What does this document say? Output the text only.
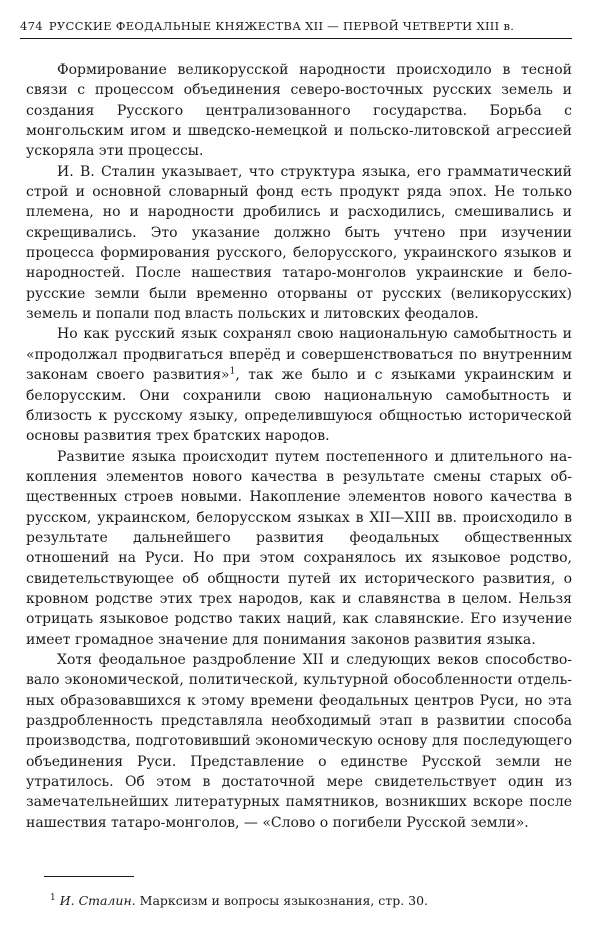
474 РУССКИЕ ФЕОДАЛЬНЫЕ КНЯЖЕСТВА XII — ПЕРВОЙ ЧЕТВЕРТИ XIII в.

Формирование великорусской народности происходило в тесной связи с процессом объединения северо-восточных русских земель и создания Русского централизованного государства. Борьба с монгольским игом и шведско-немецкой и польско-литовской агрессией ускоряла эти процессы.

И. В. Сталин указывает, что структура языка, его грамматический строй и основной словарный фонд есть продукт ряда эпох. Не только племена, но и народности дробились и расходились, смешивались и скрещивались. Это указание должно быть учтено при изучении процесса формирования русского, белорусского, украинского языков и народностей. После нашествия татаро-монголов украинские и белорусские земли были временно оторваны от русских (великорусских) земель и попали под власть польских и литовских феодалов.

Но как русский язык сохранял свою национальную самобытность и «продолжал продвигаться вперёд и совершенствоваться по внутренним законам своего развития»$^1$, так же было и с языками украинским и белорусским. Они сохранили свою национальную самобытность и близость к русскому языку, определившуюся общностью исторической основы развития трех братских народов.

Развитие языка происходит путем постепенного и длительного накопления элементов нового качества в результате смены старых общественных строев новыми. Накопление элементов нового качества в русском, украинском, белорусском языках в XII—XIII вв. происходило в результате дальнейшего развития феодальных общественных отношений на Руси. Но при этом сохранялось их языковое родство, свидетельствующее об общности путей их исторического развития, о кровном родстве этих трех народов, как и славянства в целом. Нельзя отрицать языковое родство таких наций, как славянские. Его изучение имеет громадное значение для понимания законов развития языка.

Хотя феодальное раздробление XII и следующих веков способствовало экономической, политической, культурной обособленности отдельных образовавшихся к этому времени феодальных центров Руси, но эта раздробленность представляла необходимый этап в развитии способа производства, подготовивший экономическую основу для последующего объединения Руси. Представление о единстве Русской земли не утратилось. Об этом в достаточной мере свидетельствует один из замечательнейших литературных памятников, возникших вскоре после нашествия татаро-монголов, — «Слово о погибели Русской земли».

$^1$ И. Сталин. Марксизм и вопросы языкознания, стр. 30.
